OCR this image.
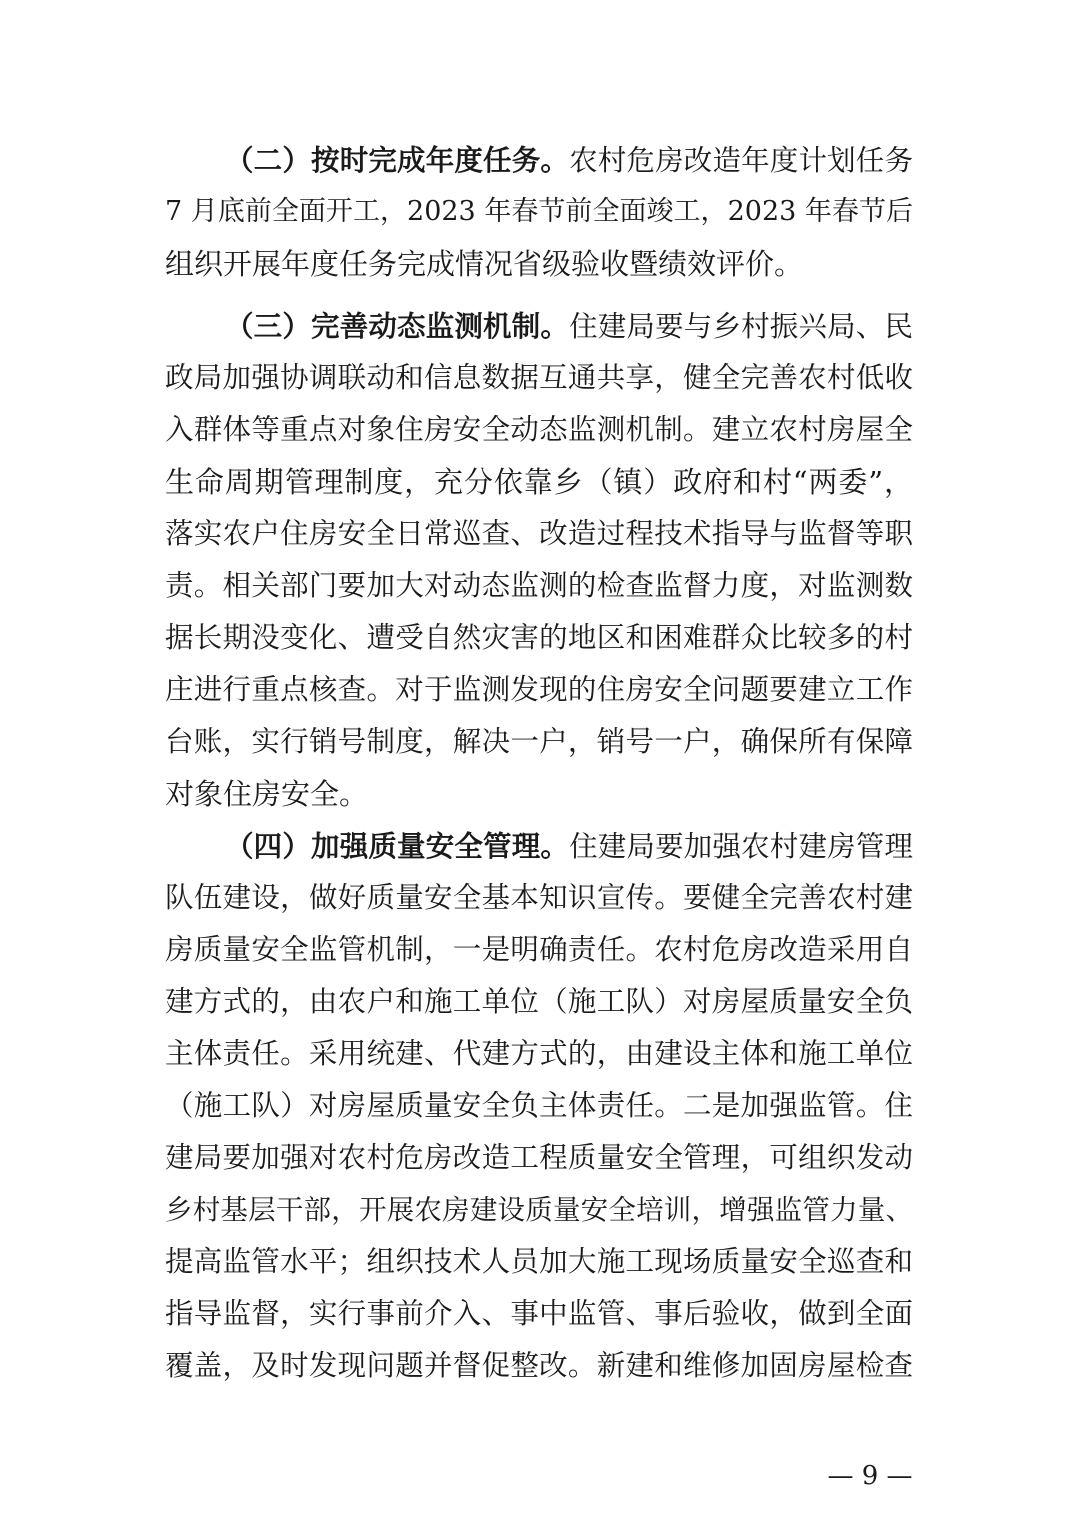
（二）按时完成年度任务。农村危房改造年度计划任务
7 月底前全面开工，2023 年春节前全面竣工，2023 年春节后
组织开展年度任务完成情况省级验收暨绩效评价。
（三）完善动态监测机制。住建局要与乡村振兴局、民
政局加强协调联动和信息数据互通共享，健全完善农村低收
入群体等重点对象住房安全动态监测机制。建立农村房屋全
生命周期管理制度，充分依靠乡（镇）政府和村“两委”，
落实农户住房安全日常巡查、改造过程技术指导与监督等职
责。相关部门要加大对动态监测的检查监督力度，对监测数
据长期没变化、遭受自然灾害的地区和困难群众比较多的村
庄进行重点核查。对于监测发现的住房安全问题要建立工作
台账，实行销号制度，解决一户，销号一户，确保所有保障
对象住房安全。
（四）加强质量安全管理。住建局要加强农村建房管理
队伍建设，做好质量安全基本知识宣传。要健全完善农村建
房质量安全监管机制，一是明确责任。农村危房改造采用自
建方式的，由农户和施工单位（施工队）对房屋质量安全负
主体责任。采用统建、代建方式的，由建设主体和施工单位
（施工队）对房屋质量安全负主体责任。二是加强监管。住
建局要加强对农村危房改造工程质量安全管理，可组织发动
乡村基层干部，开展农房建设质量安全培训，增强监管力量、
提高监管水平；组织技术人员加大施工现场质量安全巡查和
指导监督，实行事前介入、事中监管、事后验收，做到全面
覆盖，及时发现问题并督促整改。新建和维修加固房屋检查
— 9 —
